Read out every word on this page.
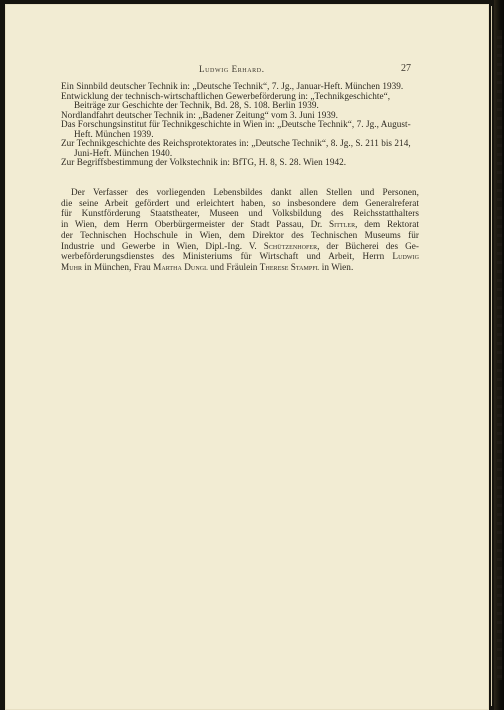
Ludwig Erhard.	27
Ein Sinnbild deutscher Technik in: „Deutsche Technik“, 7. Jg., Januar-Heft. München 1939.
Entwicklung der technisch-wirtschaftlichen Gewerbeförderung in: „Technikgeschichte“, Beiträge zur Geschichte der Technik, Bd. 28, S. 108. Berlin 1939.
Nordlandfahrt deutscher Technik in: „Badener Zeitung“ vom 3. Juni 1939.
Das Forschungsinstitut für Technikgeschichte in Wien in: „Deutsche Technik“, 7. Jg., August-Heft. München 1939.
Zur Technikgeschichte des Reichsprotektorates in: „Deutsche Technik“, 8. Jg., S. 211 bis 214, Juni-Heft. München 1940.
Zur Begriffsbestimmung der Volkstechnik in: BfTG, H. 8, S. 28. Wien 1942.
Der Verfasser des vorliegenden Lebensbildes dankt allen Stellen und Personen,
die seine Arbeit gefördert und erleichtert haben, so insbesondere dem Generalreferat
für Kunstförderung Staatstheater, Museen und Volksbildung des Reichsstatthalters
in Wien, dem Herrn Oberbürgermeister der Stadt Passau, Dr. Sittler, dem Rektorat
der Technischen Hochschule in Wien, dem Direktor des Technischen Museums für
Industrie und Gewerbe in Wien, Dipl.-Ing. V. Schützenhofer, der Bücherei des Ge-
werbeförderungsdienstes des Ministeriums für Wirtschaft und Arbeit, Herrn Ludwig
Muhr in München, Frau Martha Dungl und Fräulein Therese Stampfl in Wien.
